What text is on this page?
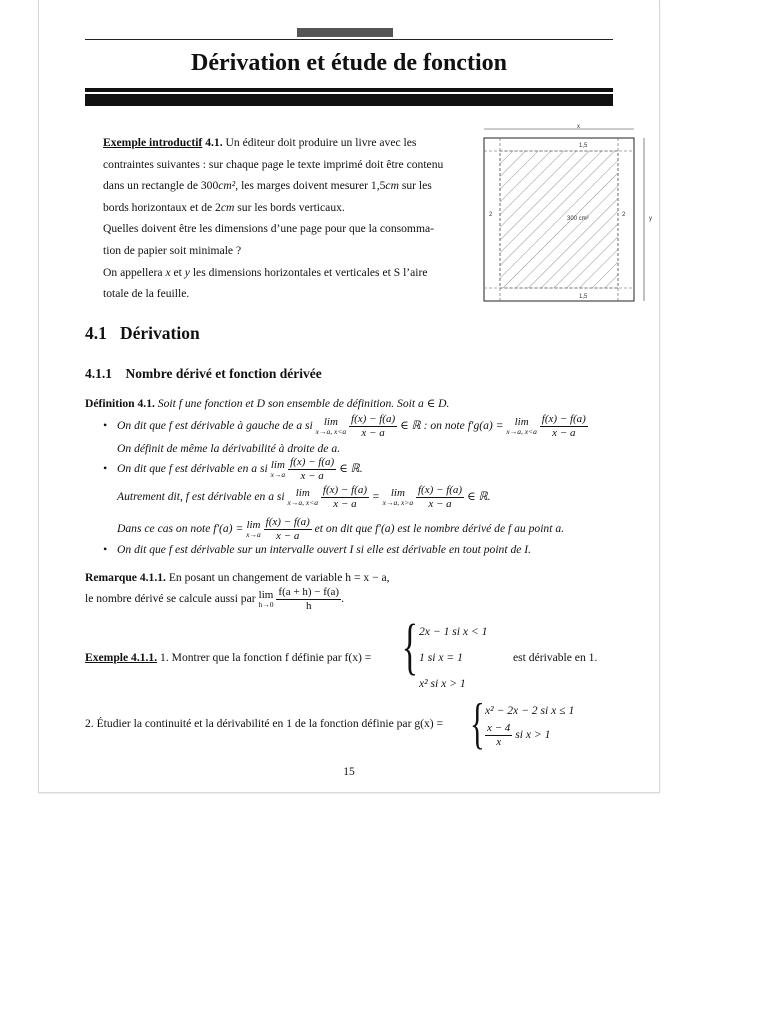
Dérivation et étude de fonction
Exemple introductif 4.1. Un éditeur doit produire un livre avec les
contraintes suivantes : sur chaque page le texte imprimé doit être contenu
dans un rectangle de 300cm², les marges doivent mesurer 1,5cm sur les
bords horizontaux et de 2cm sur les bords verticaux.
Quelles doivent être les dimensions d’une page pour que la consomma-
tion de papier soit minimale ?
On appellera x et y les dimensions horizontales et verticales et S l’aire
totale de la feuille.
x
y
1,5
1,5
2	2
300 cm²
4.1 Dérivation
4.1.1 Nombre dérivé et fonction dérivée
Définition 4.1. Soit f une fonction et D son ensemble de définition. Soit a ∈ D.
• On dit que f est dérivable à gauche de a si lim
x→a, x<a
$\frac{f(x) - f(a)}{x - a}$ ∈ ℝ : on note f′g(a) = lim
x→a, x<a
$\frac{f(x) - f(a)}{x - a}$
On définit de même la dérivabilité à droite de a.
• On dit que f est dérivable en a si lim
x→a
$\frac{f(x) - f(a)}{x - a}$ ∈ ℝ.
Autrement dit, f est dérivable en a si lim
x→a, x<a
$\frac{f(x) - f(a)}{x - a} = \lim$
x→a, x>a
$\frac{f(x) - f(a)}{x - a}$ ∈ ℝ.
Dans ce cas on note f′(a) = lim
x→a
$\frac{f(x) - f(a)}{x - a}$ et on dit que f′(a) est le nombre dérivé de f au point a.
• On dit que f est dérivable sur un intervalle ouvert I si elle est dérivable en tout point de I.
Remarque 4.1.1. En posant un changement de variable h = x − a,
le nombre dérivé se calcule aussi par lim
h→0
$\frac{f(a + h) - f(a)}{h}$ .
Exemple 4.1.1. 1. Montrer que la fonction f définie par f(x) = { 2x − 1 si x < 1
1 si x = 1
x² si x > 1
est dérivable en 1.
2. Étudier la continuité et la dérivabilité en 1 de la fonction définie par g(x) = { x² − 2x − 2 si x ≤ 1
$\frac{x - 4}{x}$ si x > 1
15
